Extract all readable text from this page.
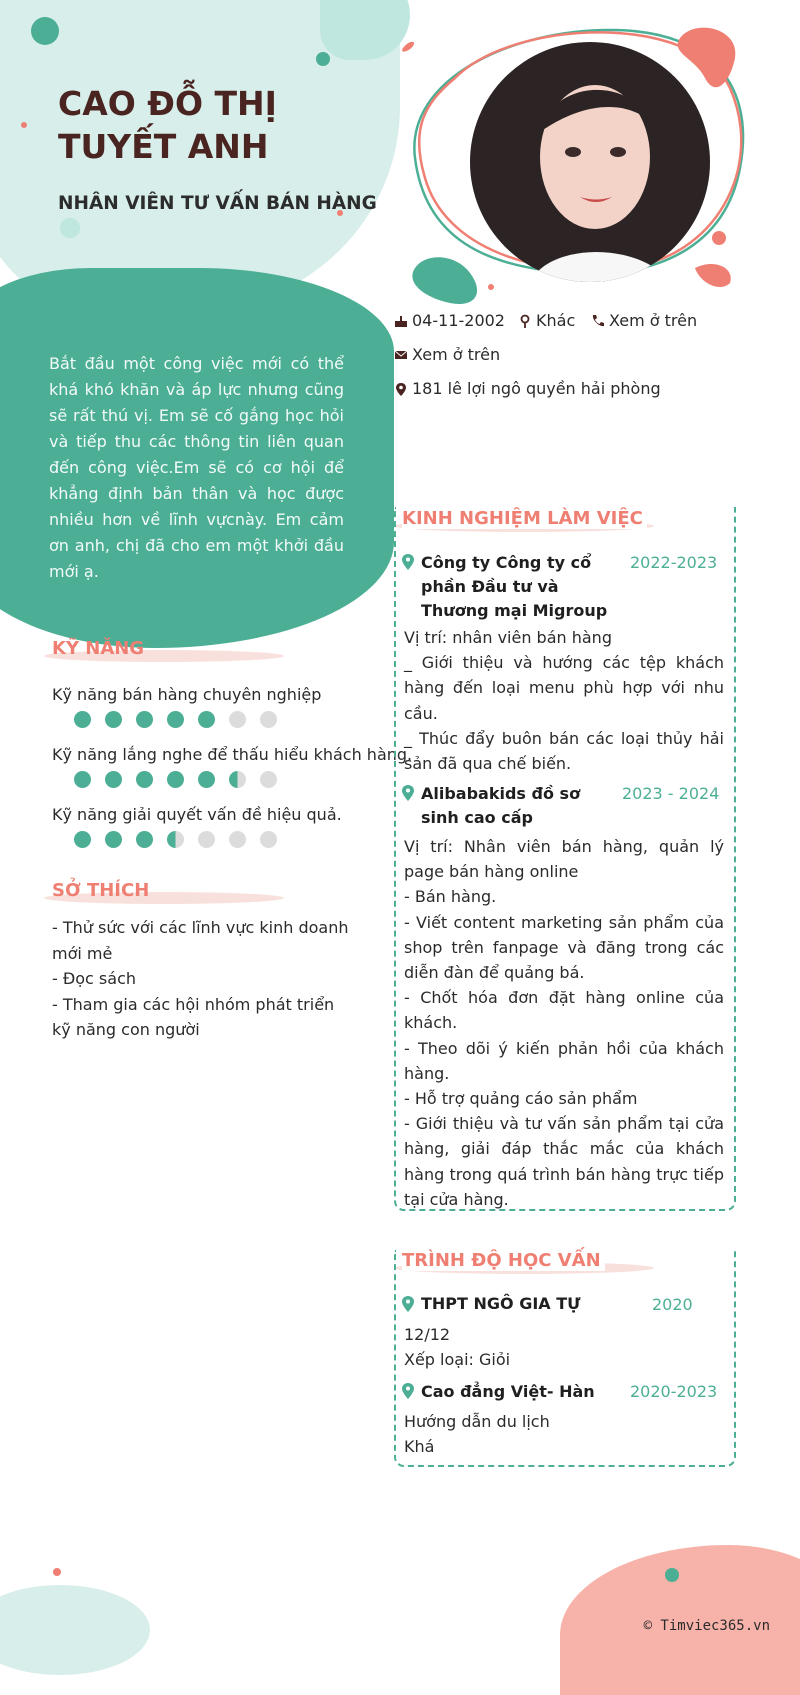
CAO ĐỖ THỊ TUYẾT ANH
NHÂN VIÊN TƯ VẤN BÁN HÀNG
Bắt đầu một công việc mới có thể khá khó khăn và áp lực nhưng cũng sẽ rất thú vị. Em sẽ cố gắng học hỏi và tiếp thu các thông tin liên quan đến công việc.Em sẽ có cơ hội để khẳng định bản thân và học được nhiều hơn về lĩnh vựcnày. Em cảm ơn anh, chị đã cho em một khởi đầu mới ạ.
04-11-2002 Khác Xem ở trên
Xem ở trên
181 lê lợi ngô quyền hải phòng
KỸ NĂNG
Kỹ năng bán hàng chuyên nghiệp
Kỹ năng lắng nghe để thấu hiểu khách hàng.
Kỹ năng giải quyết vấn đề hiệu quả.
SỞ THÍCH
- Thử sức với các lĩnh vực kinh doanh mới mẻ
- Đọc sách
- Tham gia các hội nhóm phát triển kỹ năng con người
KINH NGHIỆM LÀM VIỆC
Công ty Công ty cổ phần Đầu tư và Thương mại Migroup
2022-2023
Vị trí: nhân viên bán hàng
_ Giới thiệu và hướng các tệp khách hàng đến loại menu phù hợp với nhu cầu.
_ Thúc đẩy buôn bán các loại thủy hải sản đã qua chế biến.
Alibabakids đồ sơ sinh cao cấp
2023 - 2024
Vị trí: Nhân viên bán hàng, quản lý page bán hàng online
- Bán hàng.
- Viết content marketing sản phẩm của shop trên fanpage và đăng trong các diễn đàn để quảng bá.
- Chốt hóa đơn đặt hàng online của khách.
- Theo dõi ý kiến phản hồi của khách hàng.
- Hỗ trợ quảng cáo sản phẩm
- Giới thiệu và tư vấn sản phẩm tại cửa hàng, giải đáp thắc mắc của khách hàng trong quá trình bán hàng trực tiếp tại cửa hàng.
TRÌNH ĐỘ HỌC VẤN
THPT NGÔ GIA TỰ	2020
12/12
Xếp loại: Giỏi
Cao đẳng Việt- Hàn 2020-2023
Hướng dẫn du lịch
Khá
© Timviec365.vn
